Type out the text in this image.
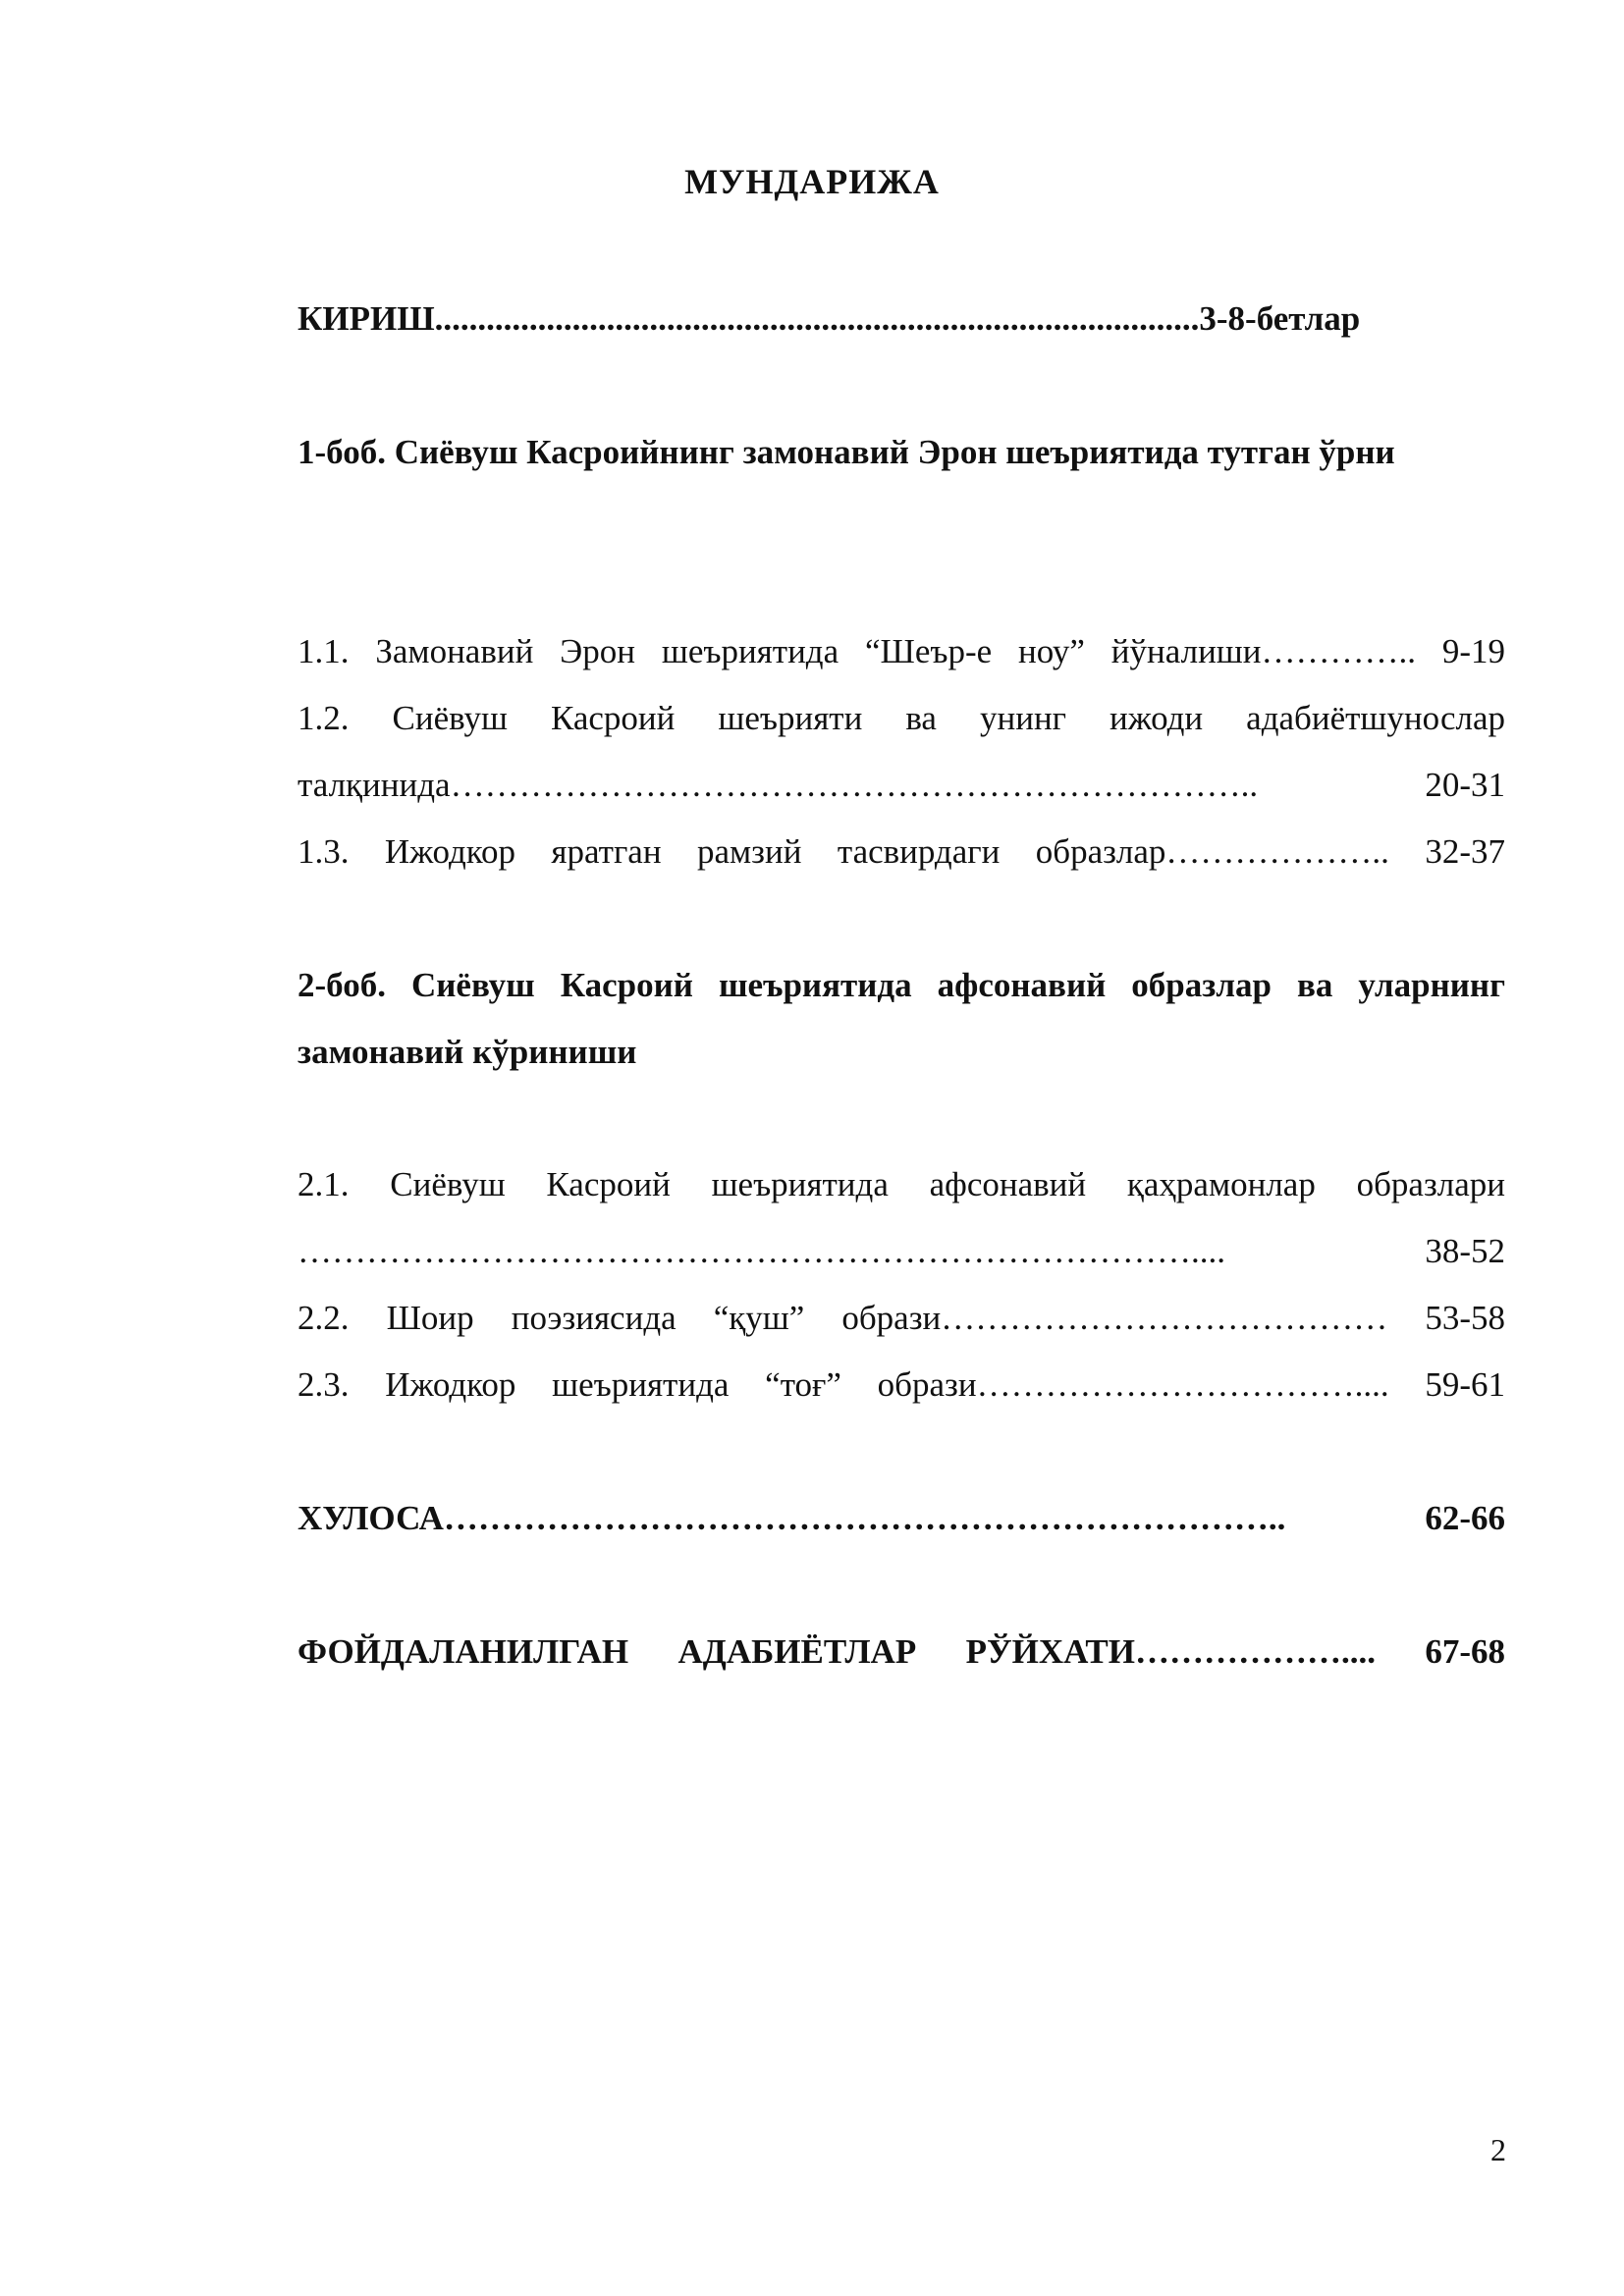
МУНДАРИЖА
КИРИШ.........................................................................................3-8-бетлар
1-боб. Сиёвуш Касроийнинг замонавий Эрон шеъриятида тутган ўрни
1.1. Замонавий Эрон шеъриятида “Шеър-е ноу” йўналиши………….. 9-19
1.2. Сиёвуш Касроий шеърияти ва унинг ижоди адабиётшунослар
талқинида…………………………………………………………….. 20-31
1.3. Ижодкор яратган рамзий тасвирдаги образлар……………….. 32-37
2-боб. Сиёвуш Касроий шеъриятида афсонавий образлар ва уларнинг замонавий кўриниши
2.1. Сиёвуш Касроий шеъриятида афсонавий қаҳрамонлар образлари
…………………………………………………………………….... 38-52
2.2. Шоир поэзиясида “қуш” образи………………………………… 53-58
2.3. Ижодкор шеъриятида “тоғ” образи…………………………….... 59-61
ХУЛОСА……………………………………………………………….. 62-66
ФОЙДАЛАНИЛГАН АДАБИЁТЛАР РЎЙХАТИ……………….... 67-68
2
